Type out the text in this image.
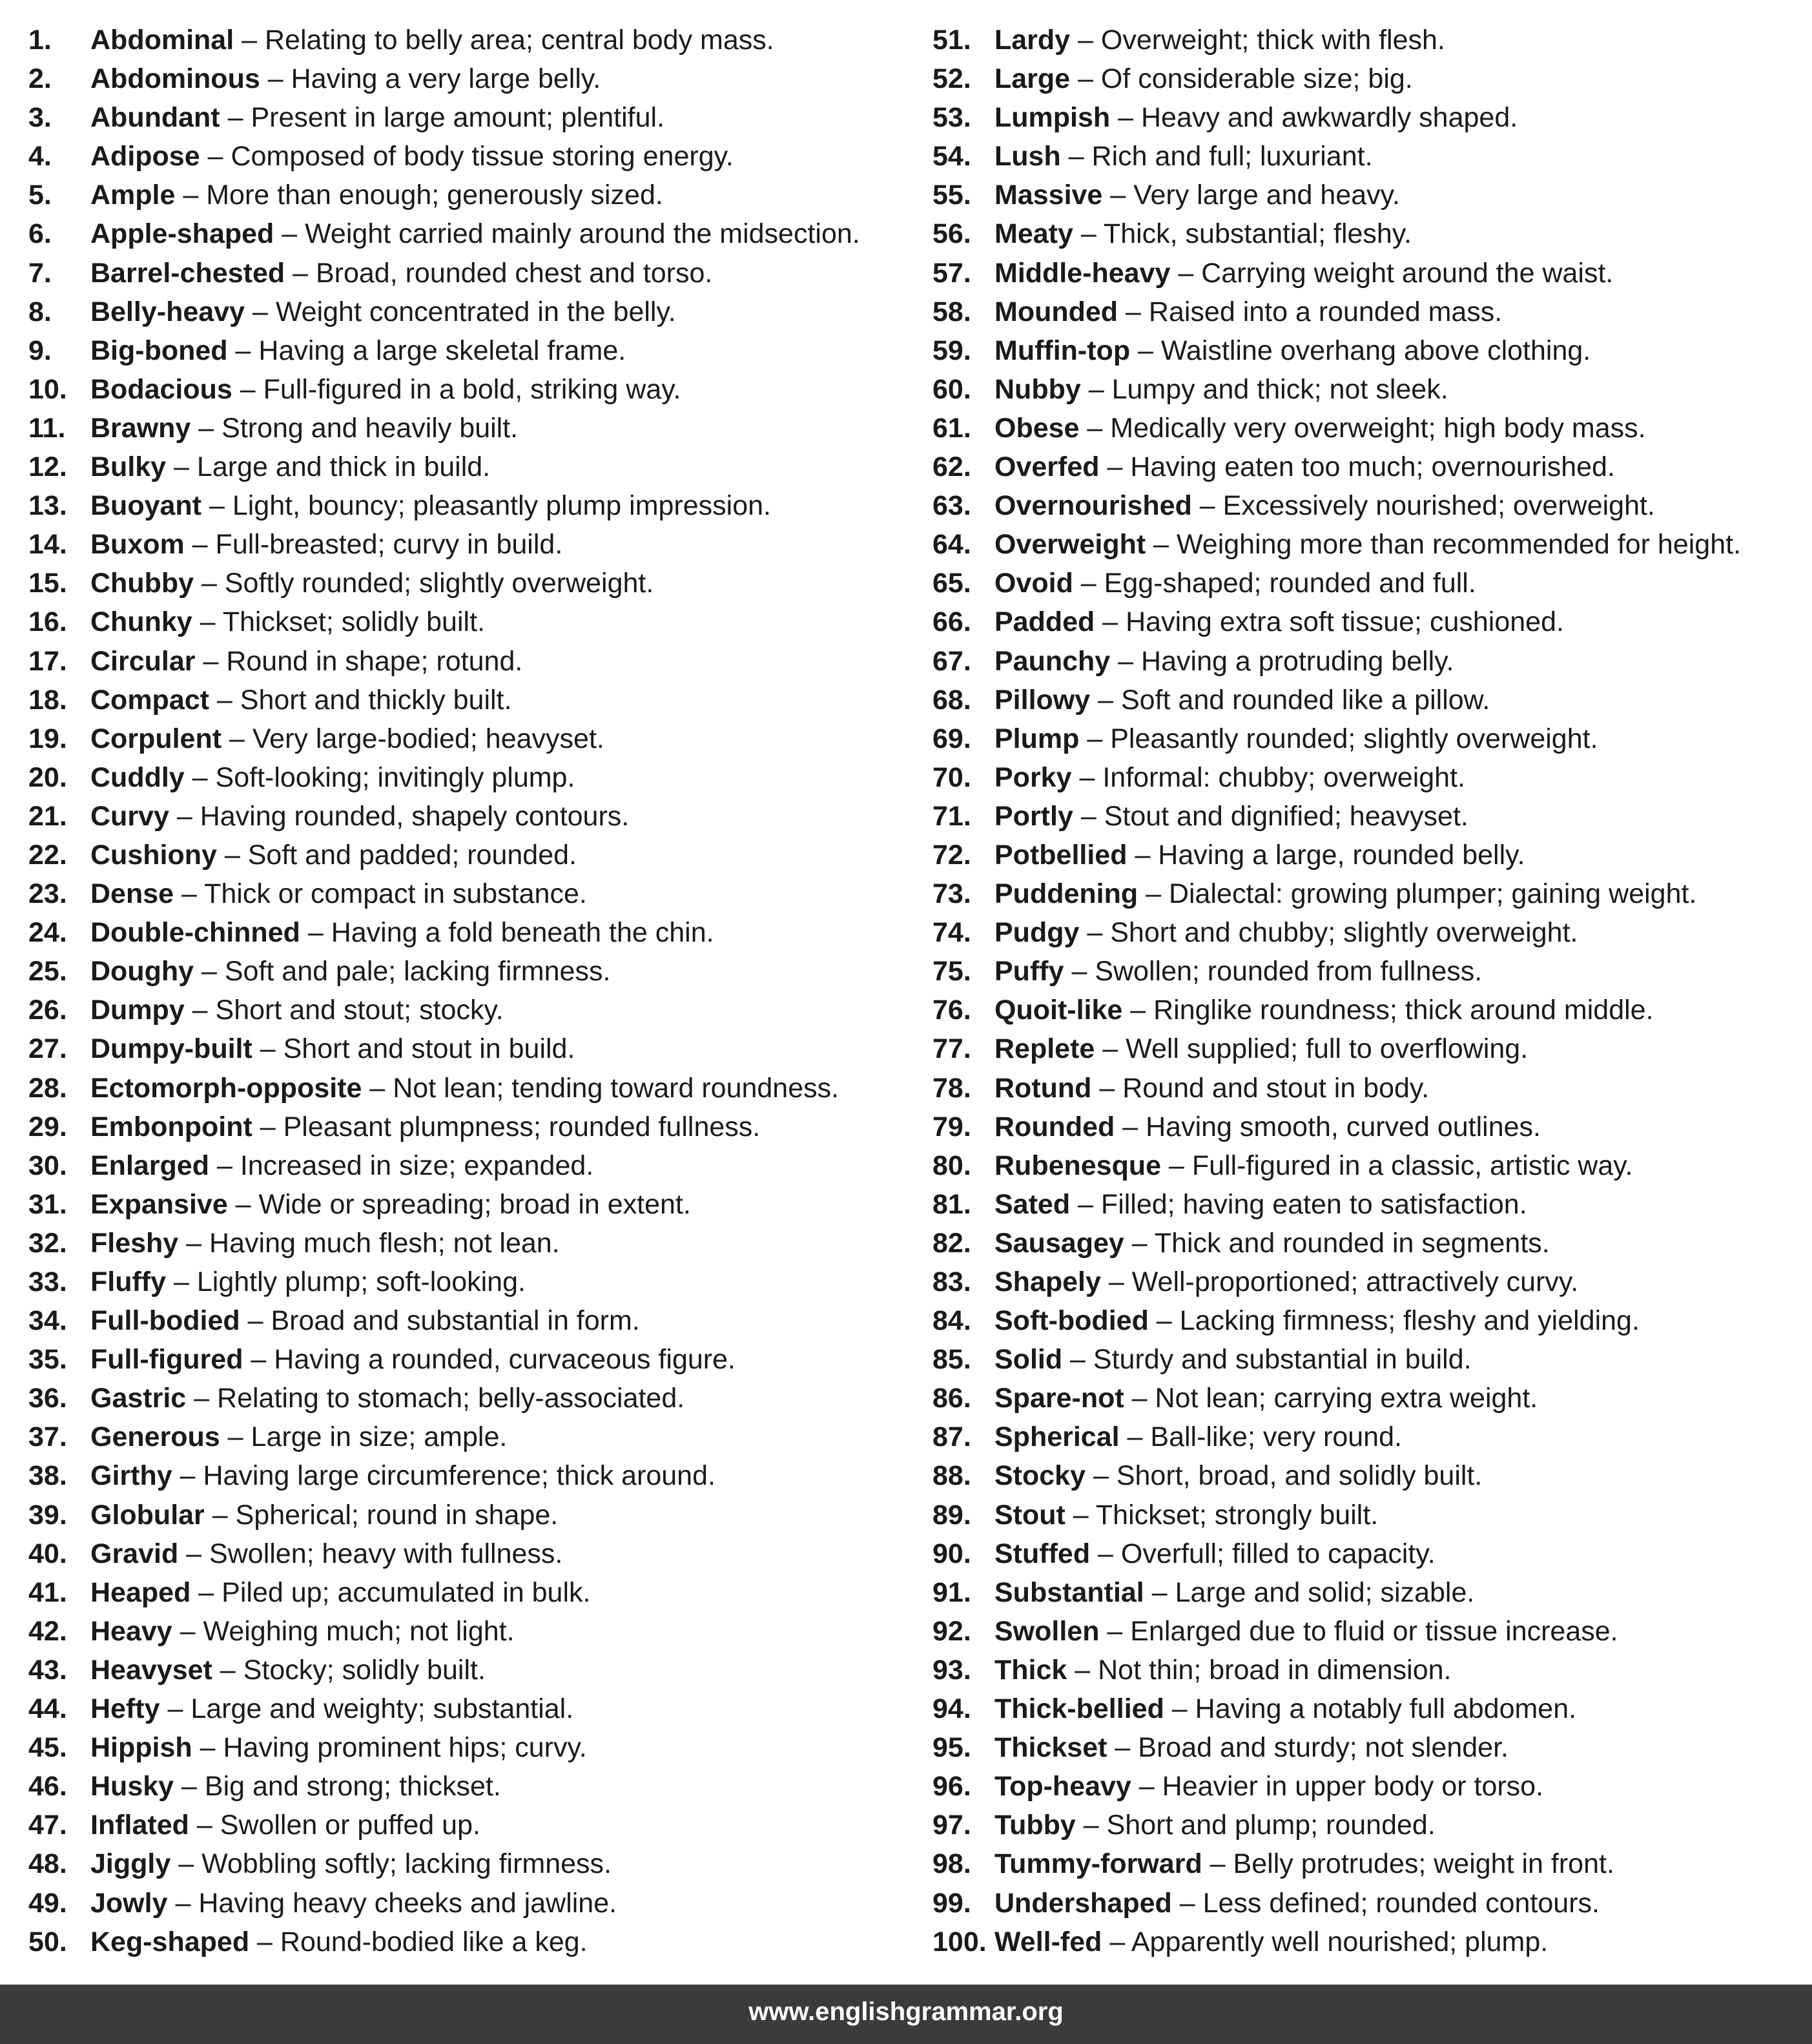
1. Abdominal – Relating to belly area; central body mass.
2. Abdominous – Having a very large belly.
3. Abundant – Present in large amount; plentiful.
4. Adipose – Composed of body tissue storing energy.
5. Ample – More than enough; generously sized.
6. Apple-shaped – Weight carried mainly around the midsection.
7. Barrel-chested – Broad, rounded chest and torso.
8. Belly-heavy – Weight concentrated in the belly.
9. Big-boned – Having a large skeletal frame.
10. Bodacious – Full-figured in a bold, striking way.
11. Brawny – Strong and heavily built.
12. Bulky – Large and thick in build.
13. Buoyant – Light, bouncy; pleasantly plump impression.
14. Buxom – Full-breasted; curvy in build.
15. Chubby – Softly rounded; slightly overweight.
16. Chunky – Thickset; solidly built.
17. Circular – Round in shape; rotund.
18. Compact – Short and thickly built.
19. Corpulent – Very large-bodied; heavyset.
20. Cuddly – Soft-looking; invitingly plump.
21. Curvy – Having rounded, shapely contours.
22. Cushiony – Soft and padded; rounded.
23. Dense – Thick or compact in substance.
24. Double-chinned – Having a fold beneath the chin.
25. Doughy – Soft and pale; lacking firmness.
26. Dumpy – Short and stout; stocky.
27. Dumpy-built – Short and stout in build.
28. Ectomorph-opposite – Not lean; tending toward roundness.
29. Embonpoint – Pleasant plumpness; rounded fullness.
30. Enlarged – Increased in size; expanded.
31. Expansive – Wide or spreading; broad in extent.
32. Fleshy – Having much flesh; not lean.
33. Fluffy – Lightly plump; soft-looking.
34. Full-bodied – Broad and substantial in form.
35. Full-figured – Having a rounded, curvaceous figure.
36. Gastric – Relating to stomach; belly-associated.
37. Generous – Large in size; ample.
38. Girthy – Having large circumference; thick around.
39. Globular – Spherical; round in shape.
40. Gravid – Swollen; heavy with fullness.
41. Heaped – Piled up; accumulated in bulk.
42. Heavy – Weighing much; not light.
43. Heavyset – Stocky; solidly built.
44. Hefty – Large and weighty; substantial.
45. Hippish – Having prominent hips; curvy.
46. Husky – Big and strong; thickset.
47. Inflated – Swollen or puffed up.
48. Jiggly – Wobbling softly; lacking firmness.
49. Jowly – Having heavy cheeks and jawline.
50. Keg-shaped – Round-bodied like a keg.
51. Lardy – Overweight; thick with flesh.
52. Large – Of considerable size; big.
53. Lumpish – Heavy and awkwardly shaped.
54. Lush – Rich and full; luxuriant.
55. Massive – Very large and heavy.
56. Meaty – Thick, substantial; fleshy.
57. Middle-heavy – Carrying weight around the waist.
58. Mounded – Raised into a rounded mass.
59. Muffin-top – Waistline overhang above clothing.
60. Nubby – Lumpy and thick; not sleek.
61. Obese – Medically very overweight; high body mass.
62. Overfed – Having eaten too much; overnourished.
63. Overnourished – Excessively nourished; overweight.
64. Overweight – Weighing more than recommended for height.
65. Ovoid – Egg-shaped; rounded and full.
66. Padded – Having extra soft tissue; cushioned.
67. Paunchy – Having a protruding belly.
68. Pillowy – Soft and rounded like a pillow.
69. Plump – Pleasantly rounded; slightly overweight.
70. Porky – Informal: chubby; overweight.
71. Portly – Stout and dignified; heavyset.
72. Potbellied – Having a large, rounded belly.
73. Puddening – Dialectal: growing plumper; gaining weight.
74. Pudgy – Short and chubby; slightly overweight.
75. Puffy – Swollen; rounded from fullness.
76. Quoit-like – Ringlike roundness; thick around middle.
77. Replete – Well supplied; full to overflowing.
78. Rotund – Round and stout in body.
79. Rounded – Having smooth, curved outlines.
80. Rubenesque – Full-figured in a classic, artistic way.
81. Sated – Filled; having eaten to satisfaction.
82. Sausagey – Thick and rounded in segments.
83. Shapely – Well-proportioned; attractively curvy.
84. Soft-bodied – Lacking firmness; fleshy and yielding.
85. Solid – Sturdy and substantial in build.
86. Spare-not – Not lean; carrying extra weight.
87. Spherical – Ball-like; very round.
88. Stocky – Short, broad, and solidly built.
89. Stout – Thickset; strongly built.
90. Stuffed – Overfull; filled to capacity.
91. Substantial – Large and solid; sizable.
92. Swollen – Enlarged due to fluid or tissue increase.
93. Thick – Not thin; broad in dimension.
94. Thick-bellied – Having a notably full abdomen.
95. Thickset – Broad and sturdy; not slender.
96. Top-heavy – Heavier in upper body or torso.
97. Tubby – Short and plump; rounded.
98. Tummy-forward – Belly protrudes; weight in front.
99. Undershaped – Less defined; rounded contours.
100. Well-fed – Apparently well nourished; plump.
www.englishgrammar.org
